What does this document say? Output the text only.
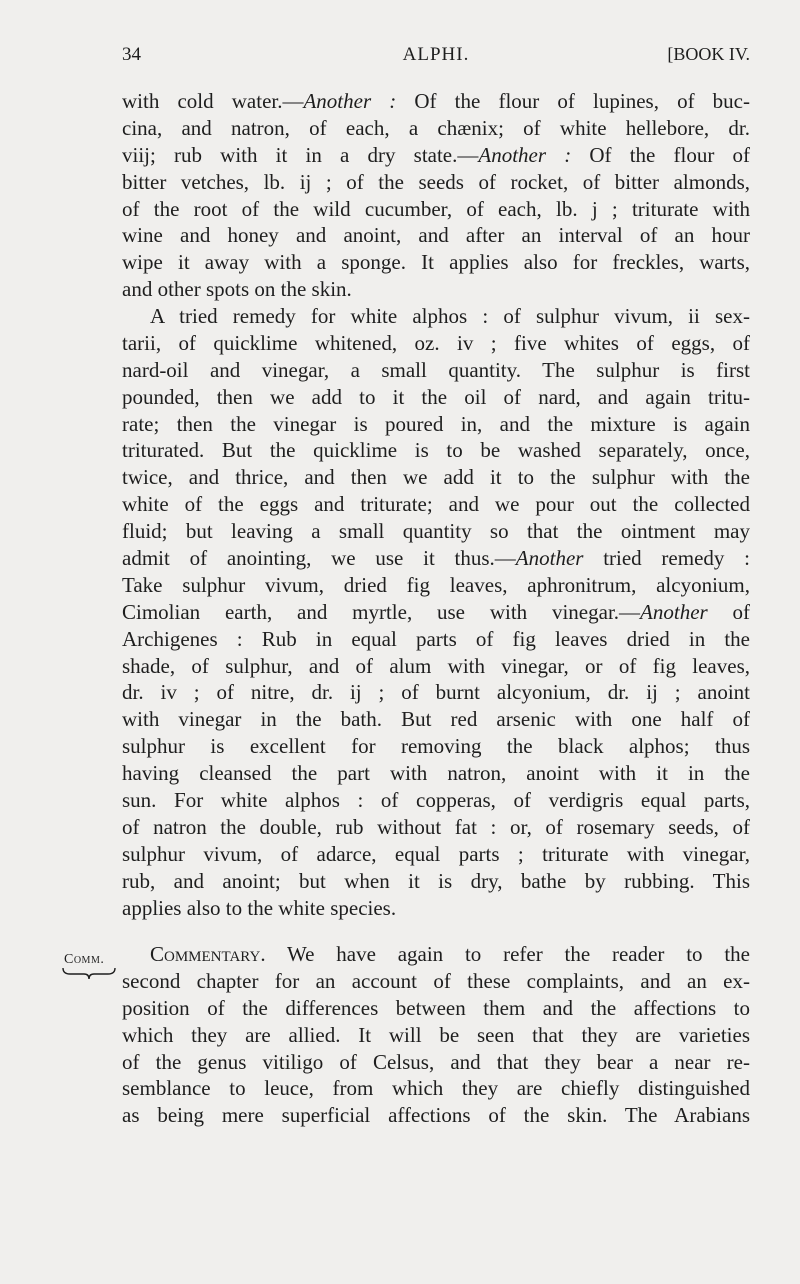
34	ALPHI.	[BOOK IV.
with cold water.—Another : Of the flour of lupines, of buc-
cina, and natron, of each, a chænix; of white hellebore, dr.
viij; rub with it in a dry state.—Another : Of the flour of
bitter vetches, lb. ij ; of the seeds of rocket, of bitter almonds,
of the root of the wild cucumber, of each, lb. j ; triturate with
wine and honey and anoint, and after an interval of an hour
wipe it away with a sponge. It applies also for freckles, warts,
and other spots on the skin.
A tried remedy for white alphos : of sulphur vivum, ii sex-
tarii, of quicklime whitened, oz. iv ; five whites of eggs, of
nard-oil and vinegar, a small quantity. The sulphur is first
pounded, then we add to it the oil of nard, and again tritu-
rate; then the vinegar is poured in, and the mixture is again
triturated. But the quicklime is to be washed separately, once,
twice, and thrice, and then we add it to the sulphur with the
white of the eggs and triturate; and we pour out the collected
fluid; but leaving a small quantity so that the ointment may
admit of anointing, we use it thus.—Another tried remedy :
Take sulphur vivum, dried fig leaves, aphronitrum, alcyonium,
Cimolian earth, and myrtle, use with vinegar.—Another of
Archigenes : Rub in equal parts of fig leaves dried in the
shade, of sulphur, and of alum with vinegar, or of fig leaves,
dr. iv ; of nitre, dr. ij ; of burnt alcyonium, dr. ij ; anoint
with vinegar in the bath. But red arsenic with one half of
sulphur is excellent for removing the black alphos; thus
having cleansed the part with natron, anoint with it in the
sun. For white alphos : of copperas, of verdigris equal parts,
of natron the double, rub without fat : or, of rosemary seeds, of
sulphur vivum, of adarce, equal parts ; triturate with vinegar,
rub, and anoint; but when it is dry, bathe by rubbing. This
applies also to the white species.
Comm.	Commentary. We have again to refer the reader to the
second chapter for an account of these complaints, and an ex-
position of the differences between them and the affections to
which they are allied. It will be seen that they are varieties
of the genus vitiligo of Celsus, and that they bear a near re-
semblance to leuce, from which they are chiefly distinguished
as being mere superficial affections of the skin. The Arabians
